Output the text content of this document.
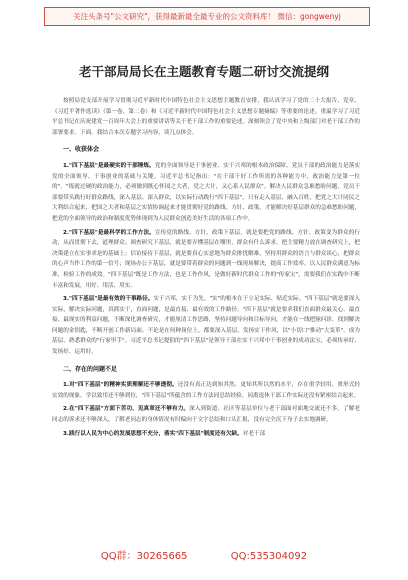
关注头条号"公文研究"，获得最新最全最专业的公文资料库！ 微信：gongwenyj
老干部局局长在主题教育专题二研讨交流提纲

按照局党支部开展学习贯彻习近平新时代中国特色社会主义思想主题教育安排，我认真学习了党的二十大报告、党章、《习近平著作选读》（第一卷、第二卷）和《习近平新时代中国特色社会主义思想专题摘编》等重要的论述。重温学习了习近平总书记在庆祝建党一百周年大会上的重要讲话等关于老干部工作的重要论述，深刻领会了党中央和上级部门对老干部工作的部署要求。下面，我结合本次专题学习内容，谈几点体会。

一、收获体会

1."四下基层"是最硬实的干部锤炼。党的全面领导是干事创业、实干兴邦的根本政治保障。党员干部的政治能力是落实党的全面领导、干事创业的基础与关键。习近平总书记指出："在干部干好工作所需的各种能力中，政治能力是第一位的"。"练就过硬的政治能力，必须做到既心怀国之大者，党之大计，又心系人民群众"。解决人民群众急难愁盼问题，党员干部要带头践行好群众路线，深入基层、深入群众，以实际行动践行"四下基层"，只有走入基层，融入百姓，把党之大计同民之大利结合起来，把国之大者和基层之实情协调起来才能贯彻好党的路线、方针、政策，才能解决好基层群众的急难愁盼问题，把党的全面领导的政治和制度优势体现到为人民群众创造美好生活的各项工作中。

2."四下基层"是最科学的工作方法。宣传党的路线、方针、政策下基层，就是要把党的路线、方针、政策变为群众的行动，从而贯彻下去，道理群众；调查研究下基层，就是要弄懂基层在哪里，群众有什么诉求，把主要精力放在调查研究上，把决策建立在实事求是的基础上；信访接待下基层，就是要真心实意地为群众排忧解难，坚持用群众的语言与群众谈心，把群众的心声当作工作的第一信号；现场办公下基层，就是要带着群众的问题到一线现场解决，提高工作效率，以人民群众满意为标准，检验工作的成效。"四下基层"既是工作方法，也是工作作风，是做好新时代群众工作的"传家宝"，需要我们在实践中不断丰富和发展，用好、用活、用实。

3."四下基层"是最有效的干事路径。实干兴邦，实干为先。"实"的根本在于立足实际、贴近实际。"四下基层"就是要深入实际，解决实际问题，真抓实干，直面问题，是最直接、最有效的工作路径。"四下基层"就是要求我们直面群众最关心、最直接、最现实的利益问题，不断深化调查研究，才能厘清工作思路，坚持问题导向和目标导向，才能在一线把脉问诊，找到解决问题的金钥匙，不断开创工作新局面。不论是在何种岗位上，都要深入基层，发扬实干作风，以"小切口"推动"大变革"，成为基层、熟悉群众的"行家里手"。习近平总书记提倡的"四下基层"是领导干部在实干兴邦中干事创业的成功法宝，必须传承好、发扬好、运用好。

二、存在的问题不足

1.对"四下基层"的精神实质理解还不够透彻。还没有真正达到知其然、更知其所以然的水平，存在重学轻用、重形式轻实效的现象，学以致用还不够到位，"四下基层"所蕴含的工作方法同总结经验、同离退休干部工作实际还没有紧密结合起来。

2.在"四下基层"方面下苦功、见真章还不够有力。深入到街道、社区等基层单位与老干部面对面地交流还不多，了解老同志的诉求还不够深入，了解老同志的身体情况有时偏向于文字总结和口头汇报，没有完全沉下身子去实地调研。

3.践行以人民为中心的发展思想不充分，落实"四下基层"制度还有欠缺。对老干部

QQ群：30265665	QQ:535304092
